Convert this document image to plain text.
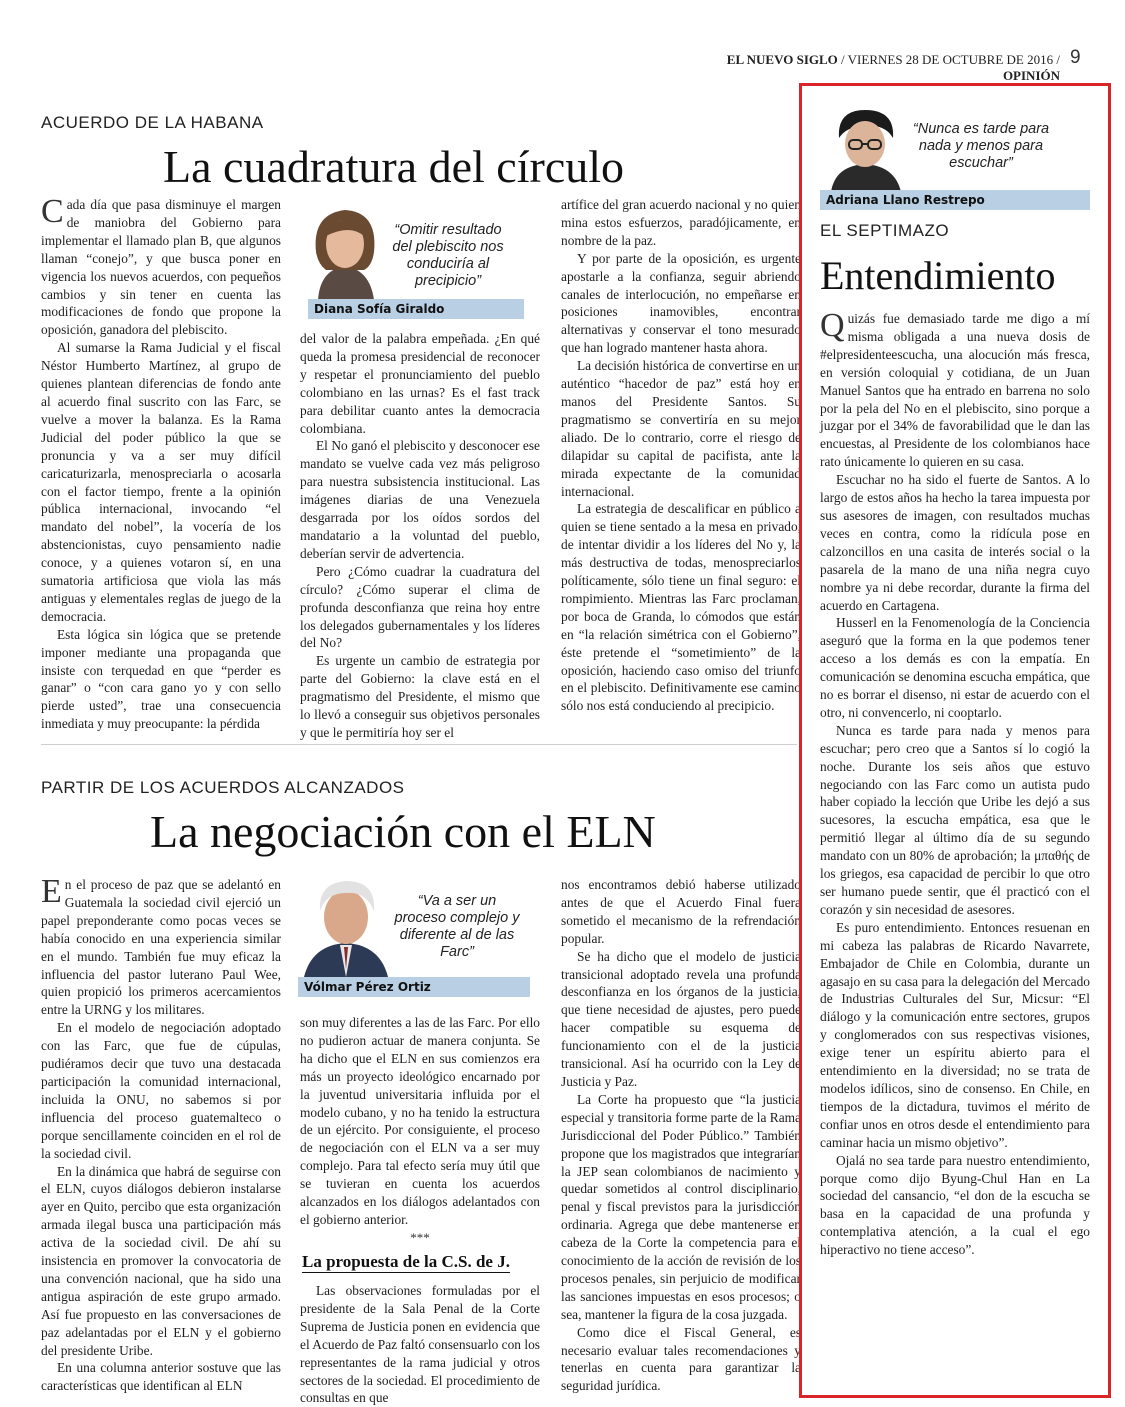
EL NUEVO SIGLO / VIERNES 28 DE OCTUBRE DE 2016 / OPINIÓN
9
ACUERDO DE LA HABANA
La cuadratura del círculo

Cada día que pasa disminuye el margen de maniobra del Gobierno para implementar el llamado plan B, que algunos llaman “conejo”, y que busca poner en vigencia los nuevos acuerdos, con pequeños cambios y sin tener en cuenta las modificaciones de fondo que propone la oposición, ganadora del plebiscito.

Al sumarse la Rama Judicial y el fiscal Néstor Humberto Martínez, al grupo de quienes plantean diferencias de fondo ante al acuerdo final suscrito con las Farc, se vuelve a mover la balanza. Es la Rama Judicial del poder público la que se pronuncia y va a ser muy difícil caricaturizarla, menospreciarla o acosarla con el factor tiempo, frente a la opinión pública internacional, invocando “el mandato del nobel”, la vocería de los abstencionistas, cuyo pensamiento nadie conoce, y a quienes votaron sí, en una sumatoria artificiosa que viola las más antiguas y elementales reglas de juego de la democracia.

Esta lógica sin lógica que se pretende imponer mediante una propaganda que insiste con terquedad en que “perder es ganar” o “con cara gano yo y con sello pierde usted”, trae una consecuencia inmediata y muy preocupante: la pérdida

“Omitir resultado del plebiscito nos conduciría al precipicio”
Diana Sofía Giraldo

del valor de la palabra empeñada. ¿En qué queda la promesa presidencial de reconocer y respetar el pronunciamiento del pueblo colombiano en las urnas? Es el fast track para debilitar cuanto antes la democracia colombiana.

El No ganó el plebiscito y desconocer ese mandato se vuelve cada vez más peligroso para nuestra subsistencia institucional. Las imágenes diarias de una Venezuela desgarrada por los oídos sordos del mandatario a la voluntad del pueblo, deberían servir de advertencia.

Pero ¿Cómo cuadrar la cuadratura del círculo? ¿Cómo superar el clima de profunda desconfianza que reina hoy entre los delegados gubernamentales y los líderes del No?

Es urgente un cambio de estrategia por parte del Gobierno: la clave está en el pragmatismo del Presidente, el mismo que lo llevó a conseguir sus objetivos personales y que le permitiría hoy ser el

artífice del gran acuerdo nacional y no quien mina estos esfuerzos, paradójicamente, en nombre de la paz.

Y por parte de la oposición, es urgente apostarle a la confianza, seguir abriendo canales de interlocución, no empeñarse en posiciones inamovibles, encontrar alternativas y conservar el tono mesurado que han logrado mantener hasta ahora.

La decisión histórica de convertirse en un auténtico “hacedor de paz” está hoy en manos del Presidente Santos. Su pragmatismo se convertiría en su mejor aliado. De lo contrario, corre el riesgo de dilapidar su capital de pacifista, ante la mirada expectante de la comunidad internacional.

La estrategia de descalificar en público a quien se tiene sentado a la mesa en privado, de intentar dividir a los líderes del No y, la más destructiva de todas, menospreciarlos políticamente, sólo tiene un final seguro: el rompimiento. Mientras las Farc proclaman, por boca de Granda, lo cómodos que están en “la relación simétrica con el Gobierno”, éste pretende el “sometimiento” de la oposición, haciendo caso omiso del triunfo en el plebiscito. Definitivamente ese camino sólo nos está conduciendo al precipicio.

PARTIR DE LOS ACUERDOS ALCANZADOS
La negociación con el ELN

En el proceso de paz que se adelantó en Guatemala la sociedad civil ejerció un papel preponderante como pocas veces se había conocido en una experiencia similar en el mundo. También fue muy eficaz la influencia del pastor luterano Paul Wee, quien propició los primeros acercamientos entre la URNG y los militares.

En el modelo de negociación adoptado con las Farc, que fue de cúpulas, pudiéramos decir que tuvo una destacada participación la comunidad internacional, incluida la ONU, no sabemos si por influencia del proceso guatemalteco o porque sencillamente coinciden en el rol de la sociedad civil.

En la dinámica que habrá de seguirse con el ELN, cuyos diálogos debieron instalarse ayer en Quito, percibo que esta organización armada ilegal busca una participación más activa de la sociedad civil. De ahí su insistencia en promover la convocatoria de una convención nacional, que ha sido una antigua aspiración de este grupo armado. Así fue propuesto en las conversaciones de paz adelantadas por el ELN y el gobierno del presidente Uribe.

En una columna anterior sostuve que las características que identifican al ELN

“Va a ser un proceso complejo y diferente al de las Farc”
Vólmar Pérez Ortiz

son muy diferentes a las de las Farc. Por ello no pudieron actuar de manera conjunta. Se ha dicho que el ELN en sus comienzos era más un proyecto ideológico encarnado por la juventud universitaria influida por el modelo cubano, y no ha tenido la estructura de un ejército. Por consiguiente, el proceso de negociación con el ELN va a ser muy complejo. Para tal efecto sería muy útil que se tuvieran en cuenta los acuerdos alcanzados en los diálogos adelantados con el gobierno anterior.

***
La propuesta de la C.S. de J.

Las observaciones formuladas por el presidente de la Sala Penal de la Corte Suprema de Justicia ponen en evidencia que el Acuerdo de Paz faltó consensuarlo con los representantes de la rama judicial y otros sectores de la sociedad. El procedimiento de consultas en que

nos encontramos debió haberse utilizado antes de que el Acuerdo Final fuera sometido el mecanismo de la refrendación popular.

Se ha dicho que el modelo de justicia transicional adoptado revela una profunda desconfianza en los órganos de la justicia, que tiene necesidad de ajustes, pero puede hacer compatible su esquema de funcionamiento con el de la justicia transicional. Así ha ocurrido con la Ley de Justicia y Paz.

La Corte ha propuesto que “la justicia especial y transitoria forme parte de la Rama Jurisdiccional del Poder Público.” También propone que los magistrados que integrarían la JEP sean colombianos de nacimiento y quedar sometidos al control disciplinario, penal y fiscal previstos para la jurisdicción ordinaria. Agrega que debe mantenerse en cabeza de la Corte la competencia para el conocimiento de la acción de revisión de los procesos penales, sin perjuicio de modificar las sanciones impuestas en esos procesos; o sea, mantener la figura de la cosa juzgada.

Como dice el Fiscal General, es necesario evaluar tales recomendaciones y tenerlas en cuenta para garantizar la seguridad jurídica.

“Nunca es tarde para nada y menos para escuchar”
Adriana Llano Restrepo
EL SEPTIMAZO
Entendimiento

Quizás fue demasiado tarde me digo a mí misma obligada a una nueva dosis de #elpresidenteescucha, una alocución más fresca, en versión coloquial y cotidiana, de un Juan Manuel Santos que ha entrado en barrena no solo por la pela del No en el plebiscito, sino porque a juzgar por el 34% de favorabilidad que le dan las encuestas, al Presidente de los colombianos hace rato únicamente lo quieren en su casa.

Escuchar no ha sido el fuerte de Santos. A lo largo de estos años ha hecho la tarea impuesta por sus asesores de imagen, con resultados muchas veces en contra, como la ridícula pose en calzoncillos en una casita de interés social o la pasarela de la mano de una niña negra cuyo nombre ya ni debe recordar, durante la firma del acuerdo en Cartagena.

Husserl en la Fenomenología de la Conciencia aseguró que la forma en la que podemos tener acceso a los demás es con la empatía. En comunicación se denomina escucha empática, que no es borrar el disenso, ni estar de acuerdo con el otro, ni convencerlo, ni cooptarlo.

Nunca es tarde para nada y menos para escuchar; pero creo que a Santos sí lo cogió la noche. Durante los seis años que estuvo negociando con las Farc como un autista pudo haber copiado la lección que Uribe les dejó a sus sucesores, la escucha empática, esa que le permitió llegar al último día de su segundo mandato con un 80% de aprobación; la μπαθής de los griegos, esa capacidad de percibir lo que otro ser humano puede sentir, que él practicó con el corazón y sin necesidad de asesores.

Es puro entendimiento. Entonces resuenan en mi cabeza las palabras de Ricardo Navarrete, Embajador de Chile en Colombia, durante un agasajo en su casa para la delegación del Mercado de Industrias Culturales del Sur, Micsur: “El diálogo y la comunicación entre sectores, grupos y conglomerados con sus respectivas visiones, exige tener un espíritu abierto para el entendimiento en la diversidad; no se trata de modelos idílicos, sino de consenso. En Chile, en tiempos de la dictadura, tuvimos el mérito de confiar unos en otros desde el entendimiento para caminar hacia un mismo objetivo”.

Ojalá no sea tarde para nuestro entendimiento, porque como dijo Byung-Chul Han en La sociedad del cansancio, “el don de la escucha se basa en la capacidad de una profunda y contemplativa atención, a la cual el ego hiperactivo no tiene acceso”.
